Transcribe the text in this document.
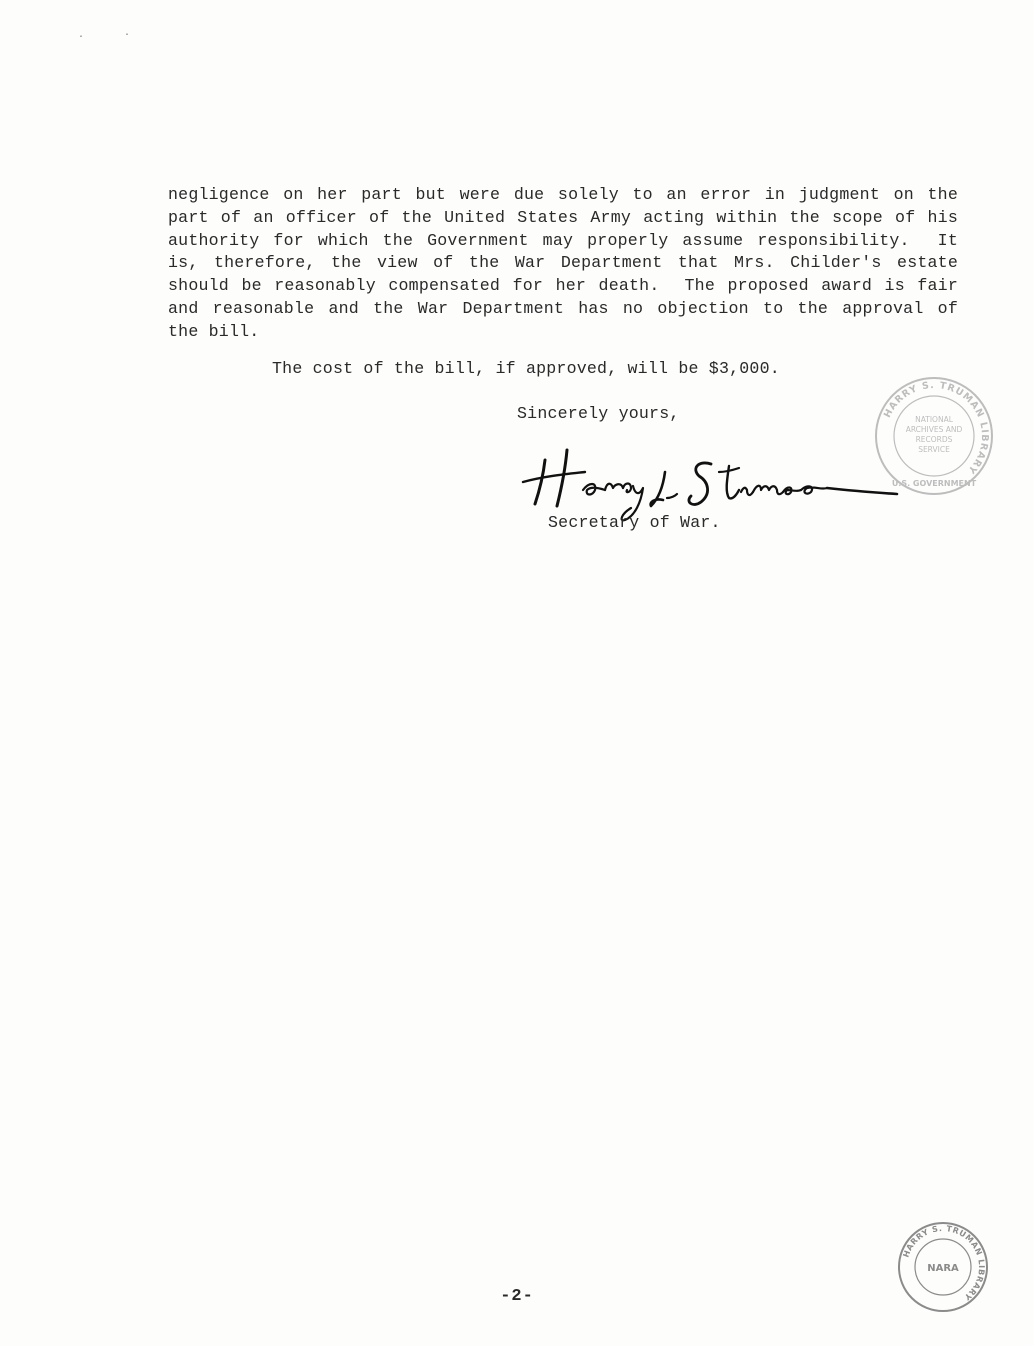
·	·
negligence on her part but were due solely to an error in judgment on the
part of an officer of the United States Army acting within the scope of his
authority for which the Government may properly assume responsibility.  It
is, therefore, the view of the War Department that Mrs. Childer's estate
should be reasonably compensated for her death.  The proposed award is fair
and reasonable and the War Department has no objection to the approval of
the bill.
The cost of the bill, if approved, will be $3,000.
Sincerely yours,
Secretary of War.
HARRY S. TRUMAN LIBRARY
NATIONAL
ARCHIVES AND
RECORDS
SERVICE
U.S. GOVERNMENT
HARRY S. TRUMAN LIBRARY
NARA
-2-
